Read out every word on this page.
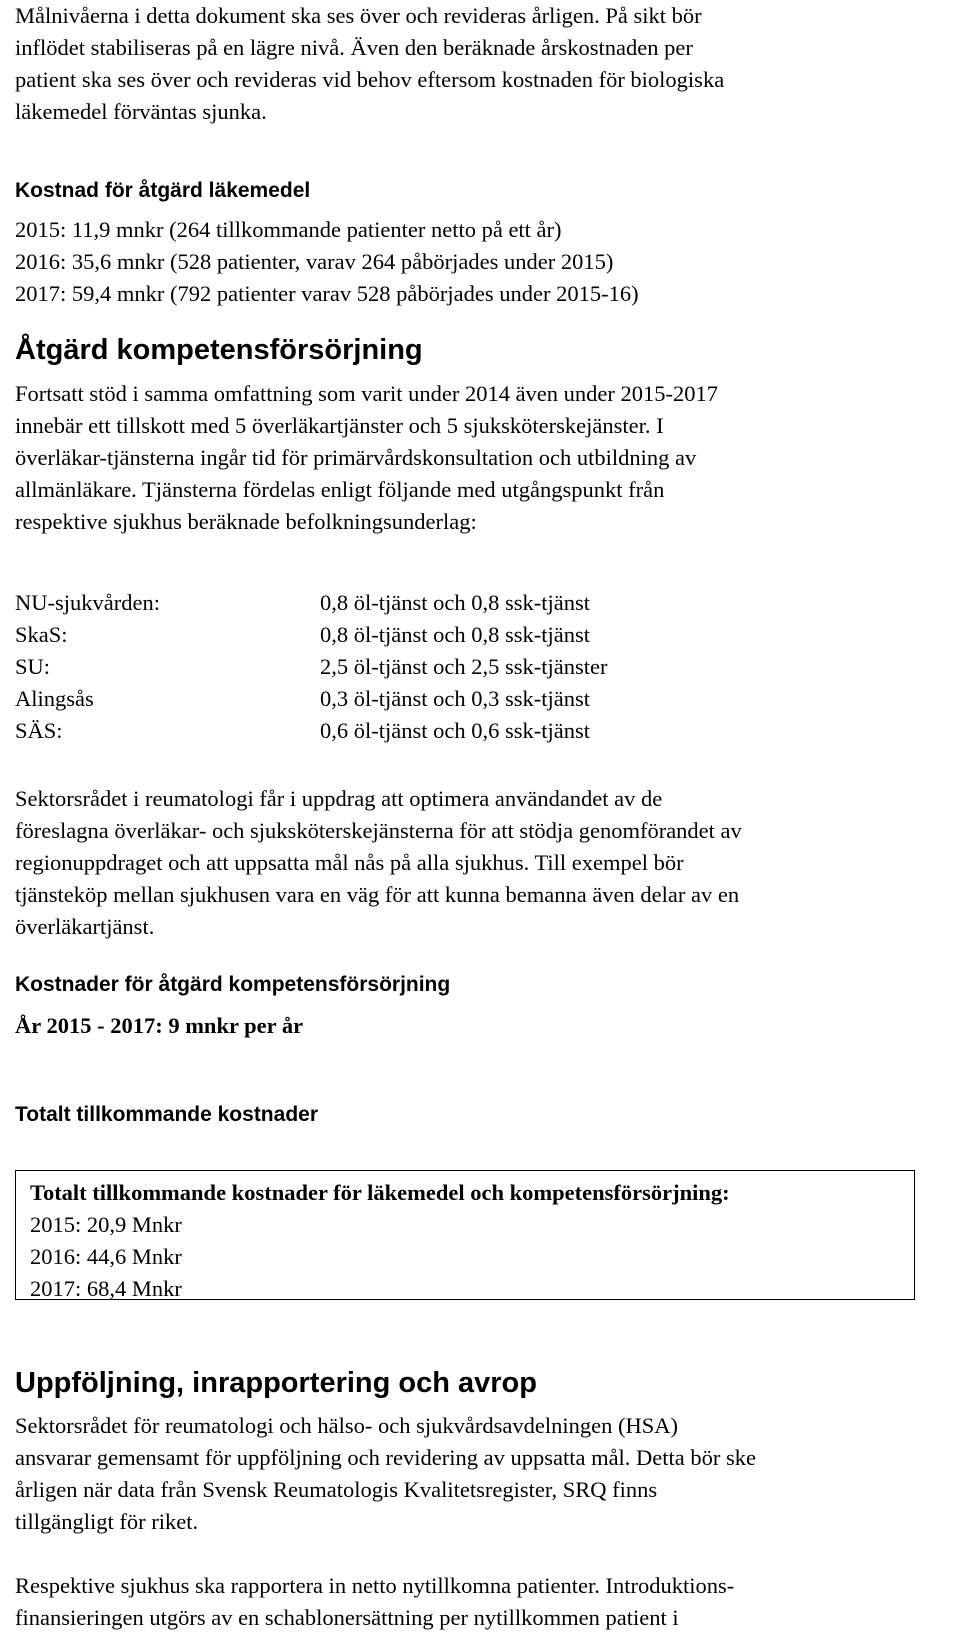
Målnivåerna i detta dokument ska ses över och revideras årligen. På sikt bör
inflödet stabiliseras på en lägre nivå. Även den beräknade årskostnaden per
patient ska ses över och revideras vid behov eftersom kostnaden för biologiska
läkemedel förväntas sjunka.

Kostnad för åtgärd läkemedel

2015: 11,9 mnkr (264 tillkommande patienter netto på ett år)
2016: 35,6 mnkr (528 patienter, varav 264 påbörjades under 2015)
2017: 59,4 mnkr (792 patienter varav 528 påbörjades under 2015-16)

Åtgärd kompetensförsörjning

Fortsatt stöd i samma omfattning som varit under 2014 även under 2015-2017
innebär ett tillskott med 5 överläkartjänster och 5 sjuksköterskejänster. I
överläkar-tjänsterna ingår tid för primärvårdskonsultation och utbildning av
allmänläkare. Tjänsterna fördelas enligt följande med utgångspunkt från
respektive sjukhus beräknade befolkningsunderlag:

NU-sjukvården:	0,8 öl-tjänst och 0,8 ssk-tjänst
SkaS:	0,8 öl-tjänst och 0,8 ssk-tjänst
SU:	2,5 öl-tjänst och 2,5 ssk-tjänster
Alingsås	0,3 öl-tjänst och 0,3 ssk-tjänst
SÄS:	0,6 öl-tjänst och 0,6 ssk-tjänst

Sektorsrådet i reumatologi får i uppdrag att optimera användandet av de
föreslagna överläkar- och sjuksköterskejänsterna för att stödja genomförandet av
regionuppdraget och att uppsatta mål nås på alla sjukhus. Till exempel bör
tjänsteköp mellan sjukhusen vara en väg för att kunna bemanna även delar av en
överläkartjänst.

Kostnader för åtgärd kompetensförsörjning

År 2015 - 2017: 9 mnkr per år

Totalt tillkommande kostnader
Totalt tillkommande kostnader för läkemedel och kompetensförsörjning:
2015: 20,9 Mnkr
2016: 44,6 Mnkr
2017: 68,4 Mnkr
Uppföljning, inrapportering och avrop

Sektorsrådet för reumatologi och hälso- och sjukvårdsavdelningen (HSA)
ansvarar gemensamt för uppföljning och revidering av uppsatta mål. Detta bör ske
årligen när data från Svensk Reumatologis Kvalitetsregister, SRQ finns
tillgängligt för riket.

Respektive sjukhus ska rapportera in netto nytillkomna patienter. Introduktions-
finansieringen utgörs av en schablonersättning per nytillkommen patient i
